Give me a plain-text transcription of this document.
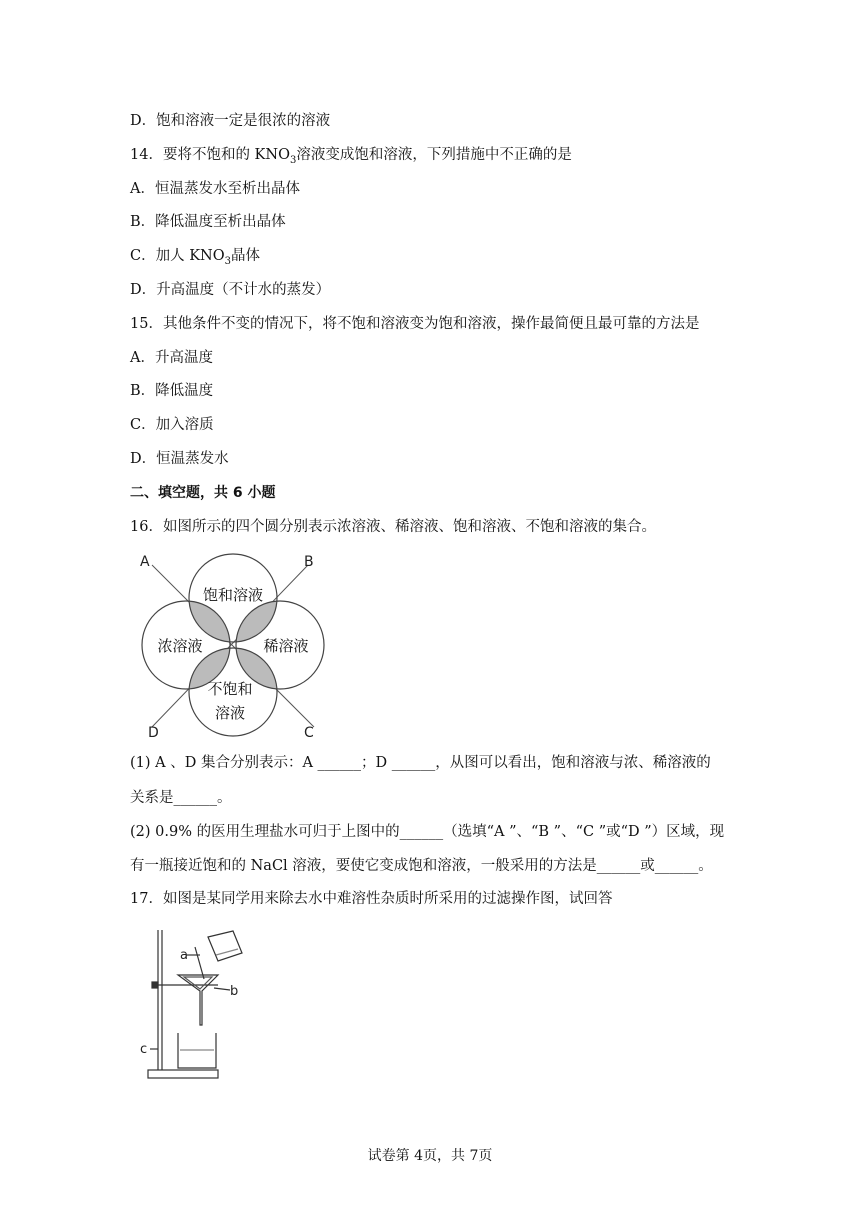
D．饱和溶液一定是很浓的溶液
14．要将不饱和的 $KNO_3$溶液变成饱和溶液，下列措施中不正确的是
A．恒温蒸发水至析出晶体
B．降低温度至析出晶体
C．加人 $KNO_3$晶体
D．升高温度（不计水的蒸发）
15．其他条件不变的情况下，将不饱和溶液变为饱和溶液，操作最简便且最可靠的方法是
A．升高温度
B．降低温度
C．加入溶质
D．恒温蒸发水
二、填空题，共 6 小题
16．如图所示的四个圆分别表示浓溶液、稀溶液、饱和溶液、不饱和溶液的集合。
A	B
D	C
饱和溶液
浓溶液	稀溶液
不饱和
溶液
(1) A 、D 集合分别表示：A ______；D ______，从图可以看出，饱和溶液与浓、稀溶液的
关系是______。
(2) 0.9% 的医用生理盐水可归于上图中的______（选填“A ”、“B ”、“C ”或“D ”）区域，现
有一瓶接近饱和的 NaCl 溶液，要使它变成饱和溶液，一般采用的方法是______或______。
17．如图是某同学用来除去水中难溶性杂质时所采用的过滤操作图，试回答
a
b
c
试卷第 4页，共 7页
